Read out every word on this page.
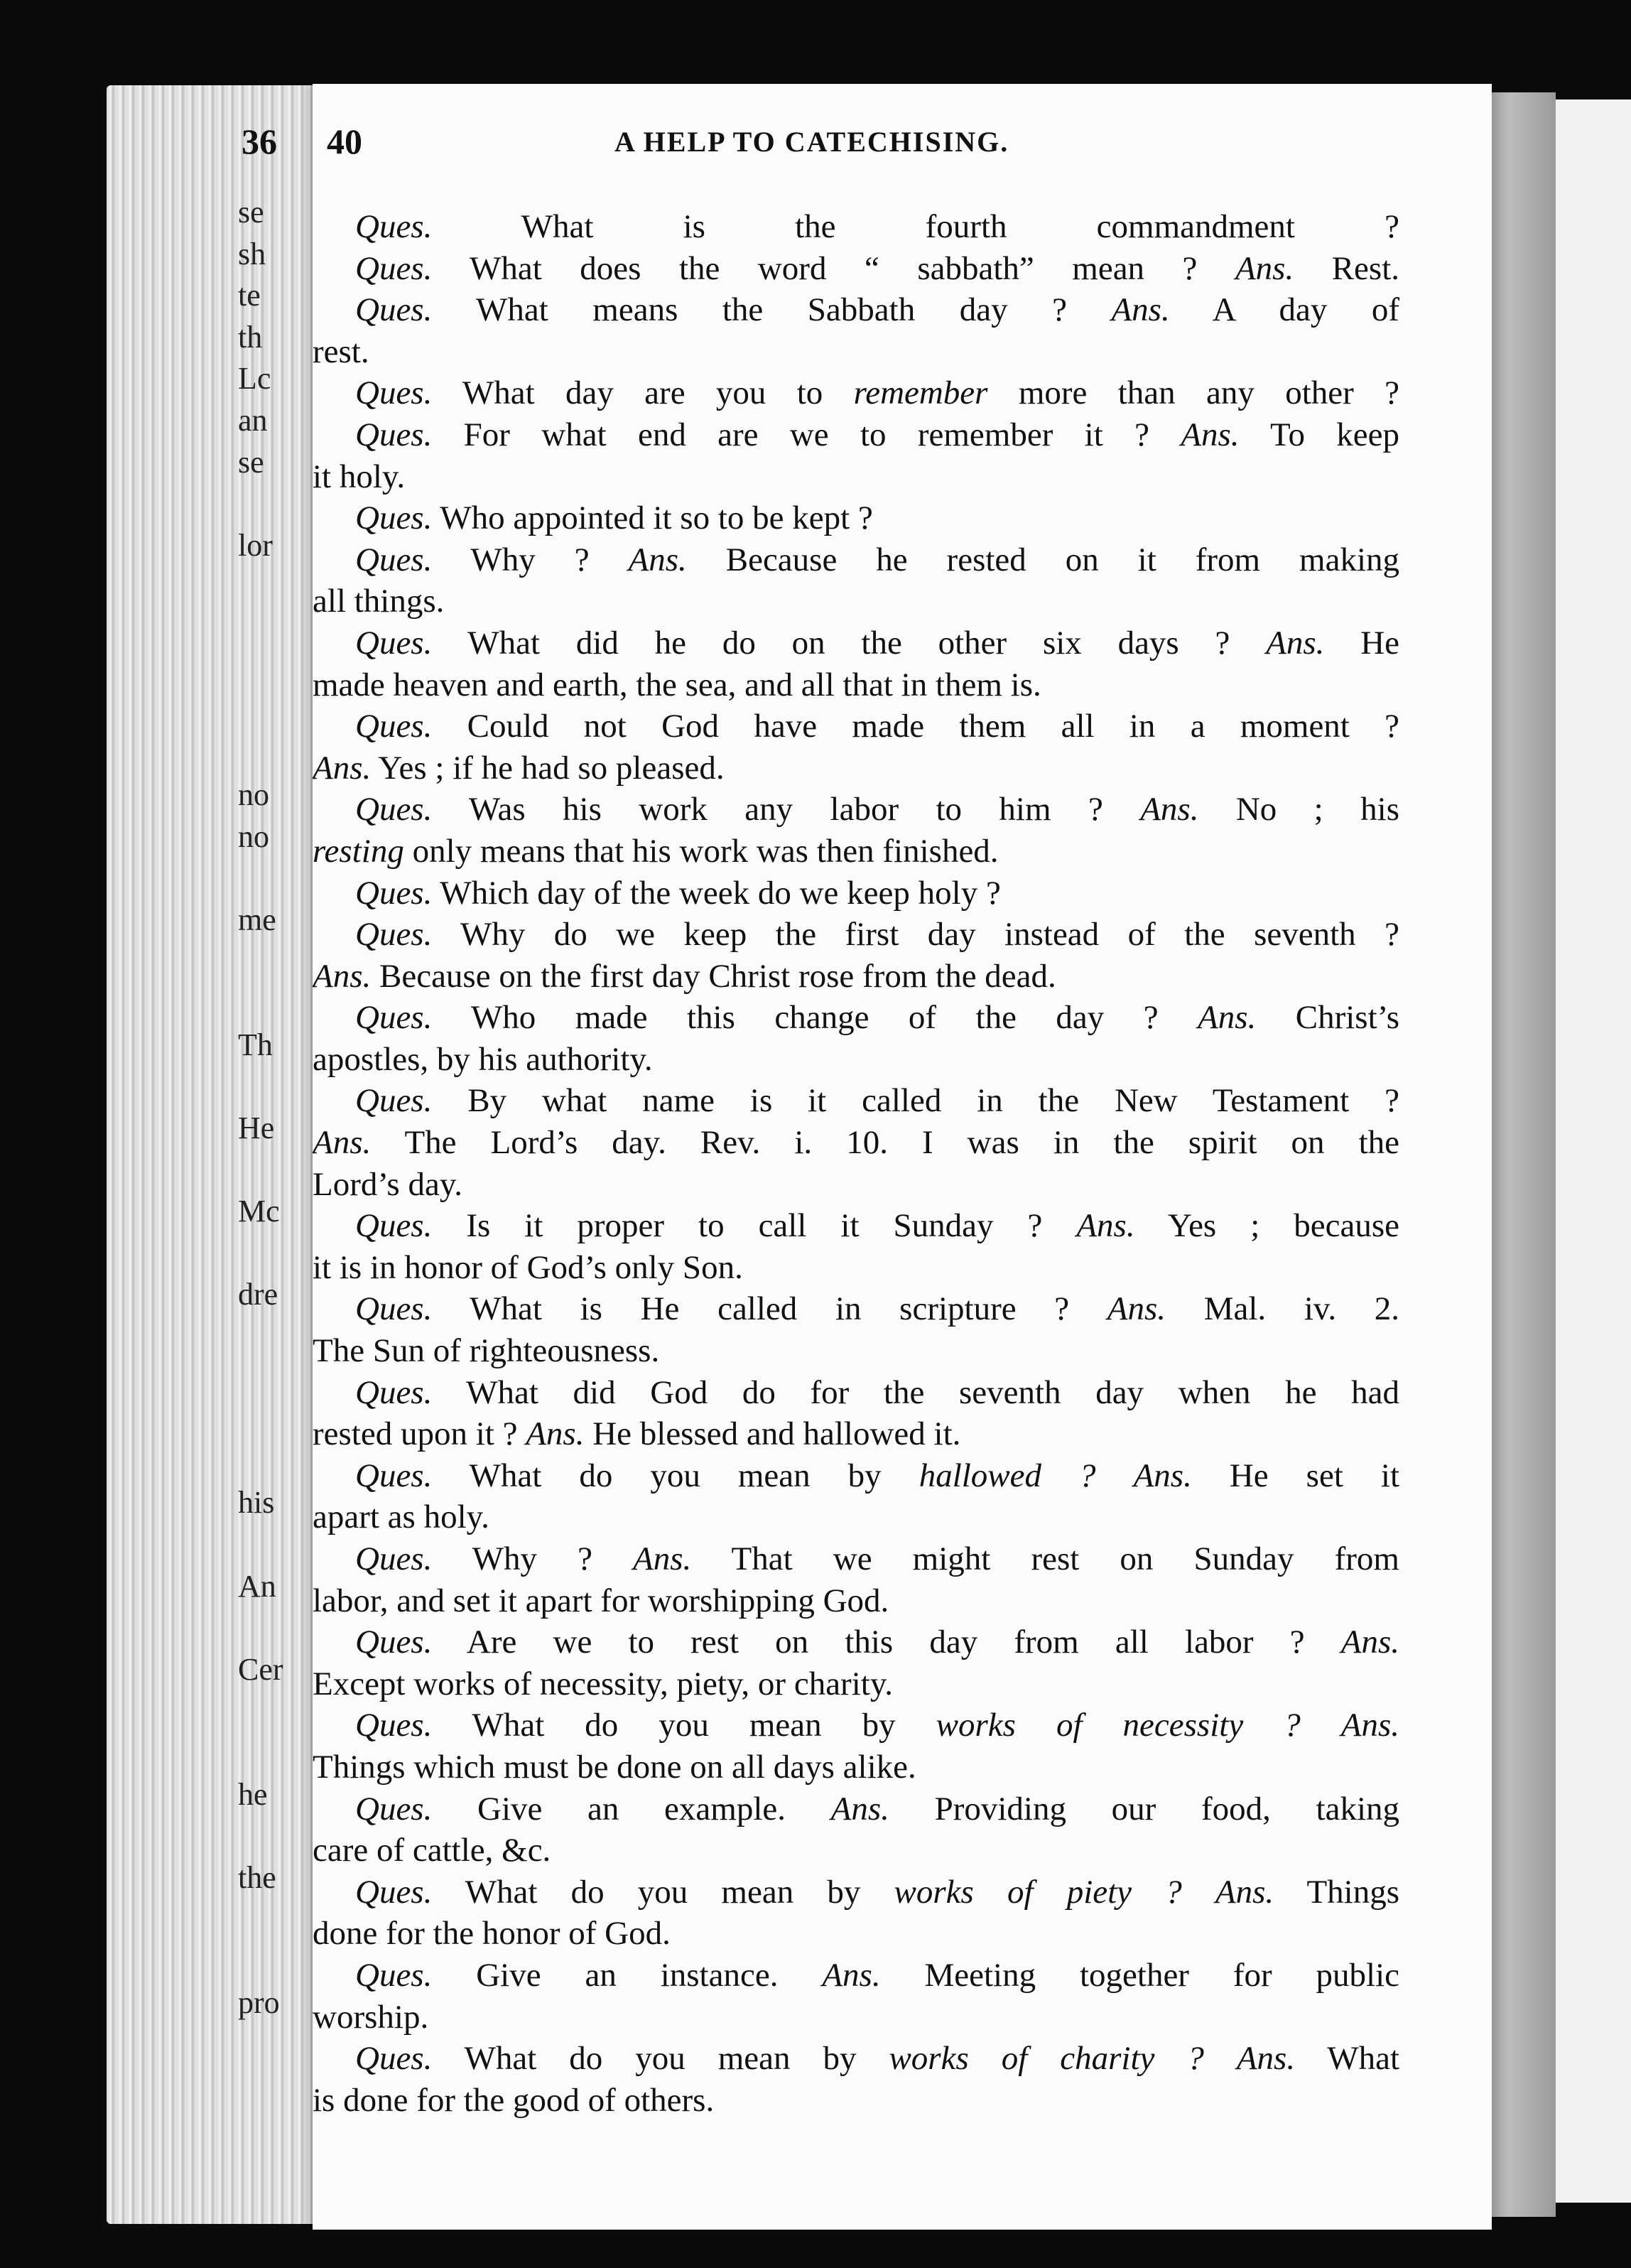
se
sh
te
th
Lc
an
se
lor
no
no
me
Th
He
Mc
dre
his
An
Cer
he
the
pro
36 40	A HELP TO CATECHISING.
Ques. What is the fourth commandment ?
Ques. What does the word “ sabbath” mean ? Ans. Rest.
Ques. What means the Sabbath day ? Ans. A day of
rest.
Ques. What day are you to remember more than any other ?
Ques. For what end are we to remember it ? Ans. To keep
it holy.
Ques. Who appointed it so to be kept ?
Ques. Why ? Ans. Because he rested on it from making
all things.
Ques. What did he do on the other six days ? Ans. He
made heaven and earth, the sea, and all that in them is.
Ques. Could not God have made them all in a moment ?
Ans. Yes ; if he had so pleased.
Ques. Was his work any labor to him ? Ans. No ; his
resting only means that his work was then finished.
Ques. Which day of the week do we keep holy ?
Ques. Why do we keep the first day instead of the seventh ?
Ans. Because on the first day Christ rose from the dead.
Ques. Who made this change of the day ? Ans. Christ’s
apostles, by his authority.
Ques. By what name is it called in the New Testament ?
Ans. The Lord’s day. Rev. i. 10. I was in the spirit on the
Lord’s day.
Ques. Is it proper to call it Sunday ? Ans. Yes ; because
it is in honor of God’s only Son.
Ques. What is He called in scripture ? Ans. Mal. iv. 2.
The Sun of righteousness.
Ques. What did God do for the seventh day when he had
rested upon it ? Ans. He blessed and hallowed it.
Ques. What do you mean by hallowed ? Ans. He set it
apart as holy.
Ques. Why ? Ans. That we might rest on Sunday from
labor, and set it apart for worshipping God.
Ques. Are we to rest on this day from all labor ? Ans.
Except works of necessity, piety, or charity.
Ques. What do you mean by works of necessity ? Ans.
Things which must be done on all days alike.
Ques. Give an example. Ans. Providing our food, taking
care of cattle, &c.
Ques. What do you mean by works of piety ? Ans. Things
done for the honor of God.
Ques. Give an instance. Ans. Meeting together for public
worship.
Ques. What do you mean by works of charity ? Ans. What
is done for the good of others.
